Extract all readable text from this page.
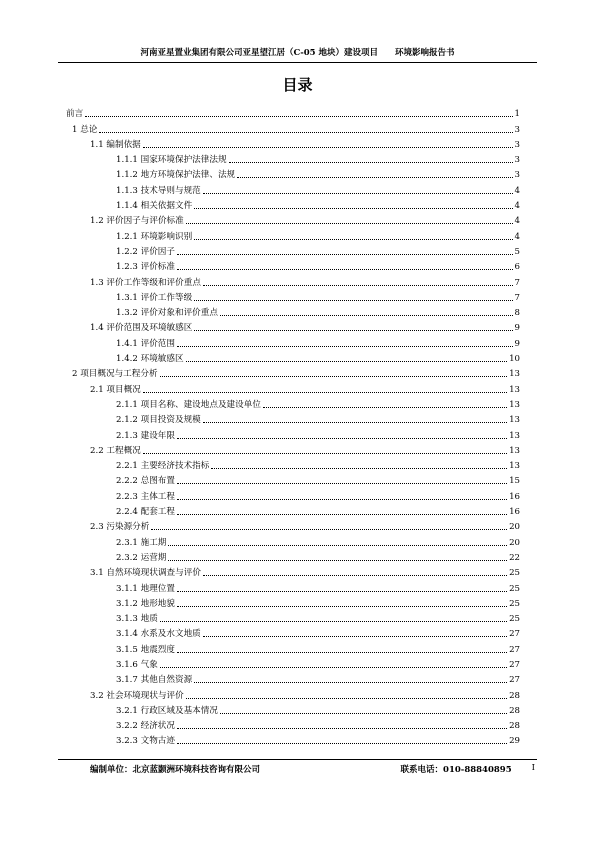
河南亚星置业集团有限公司亚星望江居（C-05 地块）建设项目　　环境影响报告书
目录
前言	1
1 总论	3
1.1 编制依据	3
1.1.1 国家环境保护法律法规	3
1.1.2 地方环境保护法律、法规	3
1.1.3 技术导则与规范	4
1.1.4 相关依据文件	4
1.2 评价因子与评价标准	4
1.2.1 环境影响识别	4
1.2.2 评价因子	5
1.2.3 评价标准	6
1.3 评价工作等级和评价重点	7
1.3.1 评价工作等级	7
1.3.2 评价对象和评价重点	8
1.4 评价范围及环境敏感区	9
1.4.1 评价范围	9
1.4.2 环境敏感区	10
2 项目概况与工程分析	13
2.1 项目概况	13
2.1.1 项目名称、建设地点及建设单位	13
2.1.2 项目投资及规模	13
2.1.3 建设年限	13
2.2 工程概况	13
2.2.1 主要经济技术指标	13
2.2.2 总图布置	15
2.2.3 主体工程	16
2.2.4 配套工程	16
2.3 污染源分析	20
2.3.1 施工期	20
2.3.2 运营期	22
3.1 自然环境现状调查与评价	25
3.1.1 地理位置	25
3.1.2 地形地貌	25
3.1.3 地质	25
3.1.4 水系及水文地质	27
3.1.5 地震烈度	27
3.1.6 气象	27
3.1.7 其他自然资源	27
3.2 社会环境现状与评价	28
3.2.1 行政区域及基本情况	28
3.2.2 经济状况	28
3.2.3 文物古迹	29
编制单位：北京蓝颢洲环境科技咨询有限公司	联系电话：010-88840895 I
